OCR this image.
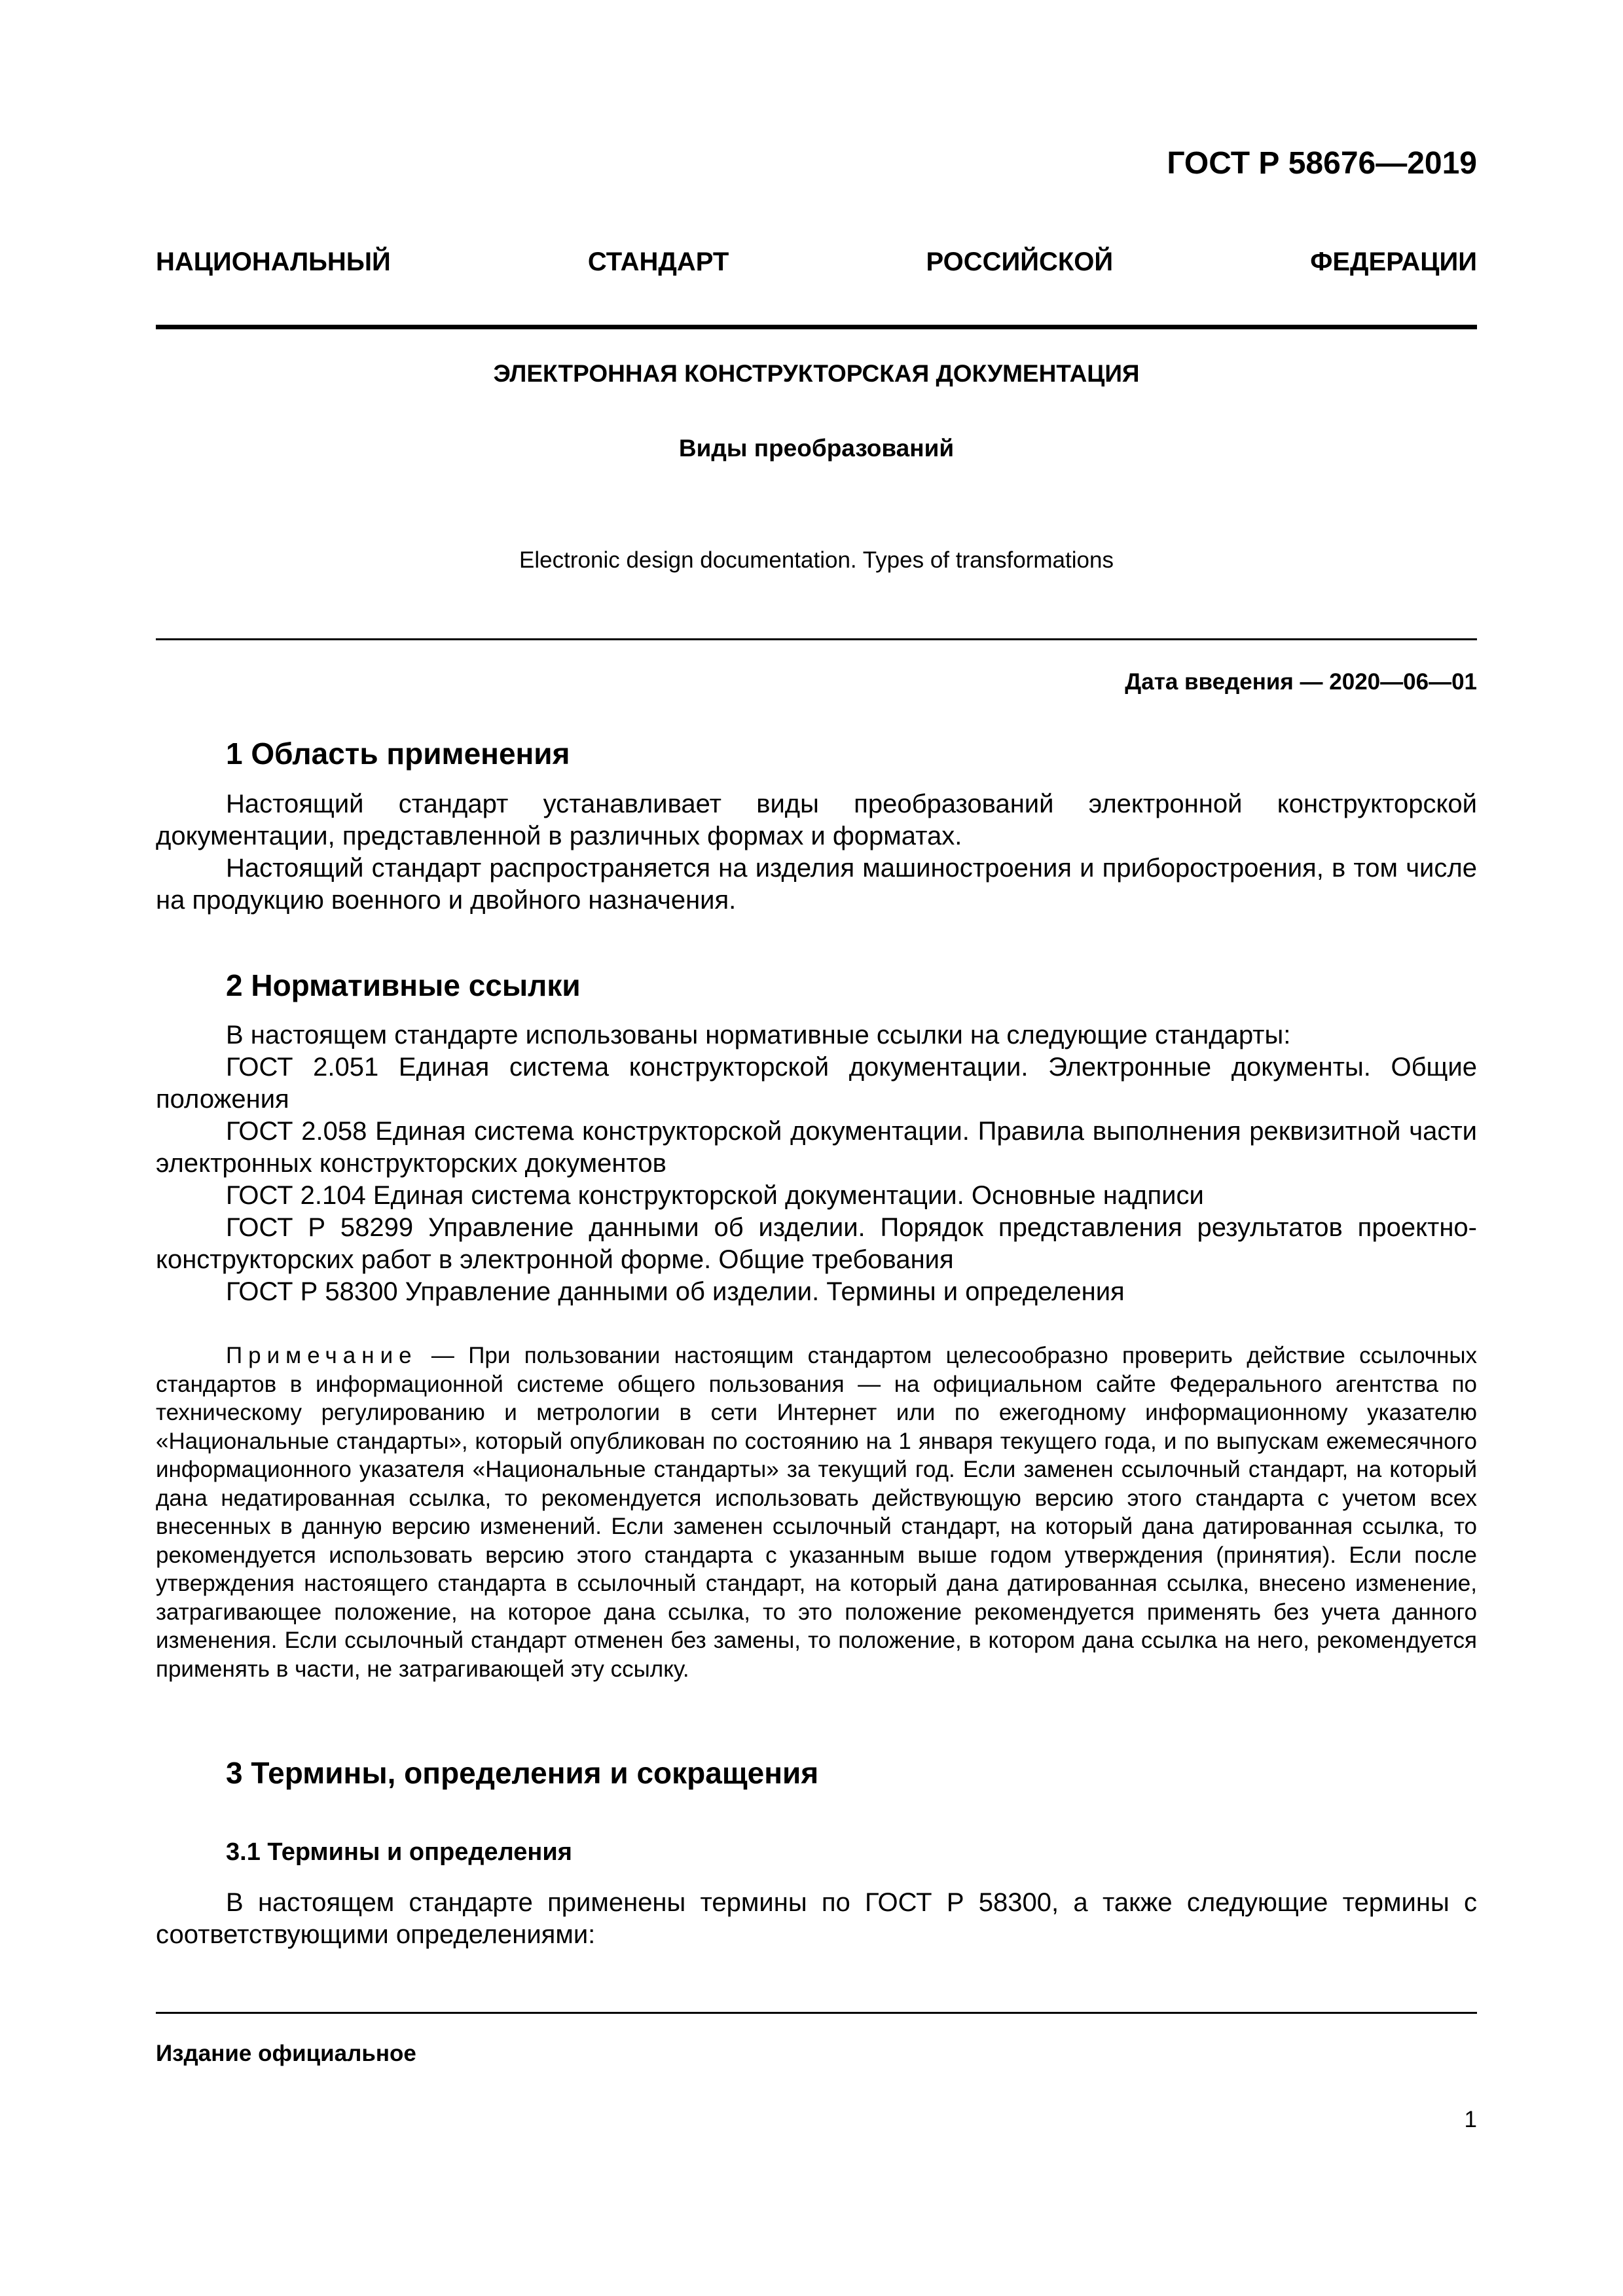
ГОСТ Р 58676—2019
НАЦИОНАЛЬНЫЙ СТАНДАРТ РОССИЙСКОЙ ФЕДЕРАЦИИ
ЭЛЕКТРОННАЯ КОНСТРУКТОРСКАЯ ДОКУМЕНТАЦИЯ
Виды преобразований
Electronic design documentation. Types of transformations
Дата введения — 2020—06—01
1 Область применения

Настоящий стандарт устанавливает виды преобразований электронной конструкторской документации, представленной в различных формах и форматах.

Настоящий стандарт распространяется на изделия машиностроения и приборостроения, в том числе на продукцию военного и двойного назначения.

2 Нормативные ссылки

В настоящем стандарте использованы нормативные ссылки на следующие стандарты:

ГОСТ 2.051 Единая система конструкторской документации. Электронные документы. Общие положения

ГОСТ 2.058 Единая система конструкторской документации. Правила выполнения реквизитной части электронных конструкторских документов

ГОСТ 2.104 Единая система конструкторской документации. Основные надписи

ГОСТ Р 58299 Управление данными об изделии. Порядок представления результатов проектно-конструкторских работ в электронной форме. Общие требования

ГОСТ Р 58300 Управление данными об изделии. Термины и определения

Примечание — При пользовании настоящим стандартом целесообразно проверить действие ссылочных стандартов в информационной системе общего пользования — на официальном сайте Федерального агентства по техническому регулированию и метрологии в сети Интернет или по ежегодному информационному указателю «Национальные стандарты», который опубликован по состоянию на 1 января текущего года, и по выпускам ежемесячного информационного указателя «Национальные стандарты» за текущий год. Если заменен ссылочный стандарт, на который дана недатированная ссылка, то рекомендуется использовать действующую версию этого стандарта с учетом всех внесенных в данную версию изменений. Если заменен ссылочный стандарт, на который дана датированная ссылка, то рекомендуется использовать версию этого стандарта с указанным выше годом утверждения (принятия). Если после утверждения настоящего стандарта в ссылочный стандарт, на который дана датированная ссылка, внесено изменение, затрагивающее положение, на которое дана ссылка, то это положение рекомендуется применять без учета данного изменения. Если ссылочный стандарт отменен без замены, то положение, в котором дана ссылка на него, рекомендуется применять в части, не затрагивающей эту ссылку.
3 Термины, определения и сокращения
3.1 Термины и определения

В настоящем стандарте применены термины по ГОСТ Р 58300, а также следующие термины с соответствующими определениями:

Издание официальное
1
